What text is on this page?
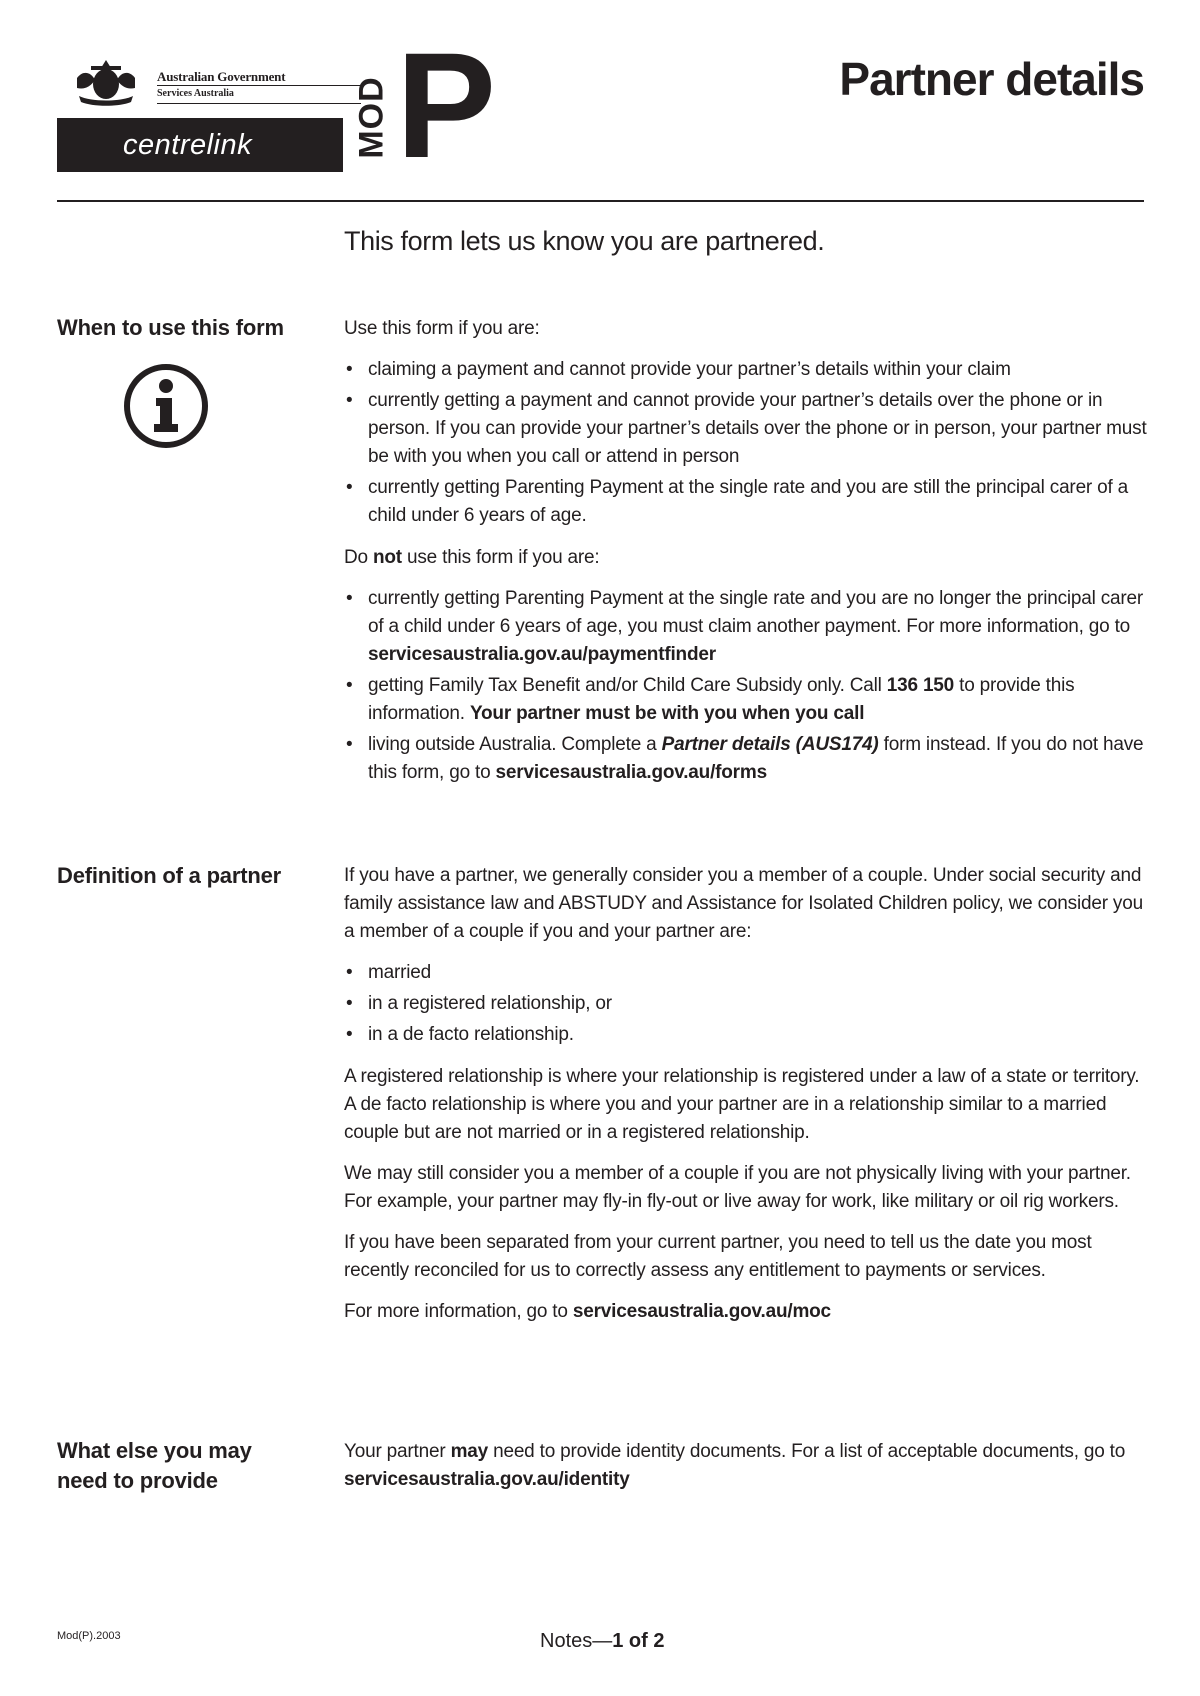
Australian Government
Services Australia
centrelink	MOD P	Partner details
This form lets us know you are partnered.
When to use this form	Use this form if you are:

• claiming a payment and cannot provide your partner’s details within your claim
• currently getting a payment and cannot provide your partner’s details over the phone or in person. If you can provide your partner’s details over the phone or in person, your partner must be with you when you call or attend in person
• currently getting Parenting Payment at the single rate and you are still the principal carer of a child under 6 years of age.

Do not use this form if you are:

• currently getting Parenting Payment at the single rate and you are no longer the principal carer of a child under 6 years of age, you must claim another payment. For more information, go to servicesaustralia.gov.au/paymentfinder
• getting Family Tax Benefit and/or Child Care Subsidy only. Call 136 150 to provide this information. Your partner must be with you when you call
• living outside Australia. Complete a Partner details (AUS174) form instead. If you do not have this form, go to servicesaustralia.gov.au/forms
Definition of a partner	If you have a partner, we generally consider you a member of a couple. Under social security and family assistance law and ABSTUDY and Assistance for Isolated Children policy, we consider you a member of a couple if you and your partner are:

• married
• in a registered relationship, or
• in a de facto relationship.

A registered relationship is where your relationship is registered under a law of a state or territory. A de facto relationship is where you and your partner are in a relationship similar to a married couple but are not married or in a registered relationship.

We may still consider you a member of a couple if you are not physically living with your partner. For example, your partner may fly-in fly-out or live away for work, like military or oil rig workers.

If you have been separated from your current partner, you need to tell us the date you most recently reconciled for us to correctly assess any entitlement to payments or services.

For more information, go to servicesaustralia.gov.au/moc

What else you may
need to provide

Your partner may need to provide identity documents. For a list of acceptable documents, go to servicesaustralia.gov.au/identity

Mod(P).2003	Notes—1 of 2
